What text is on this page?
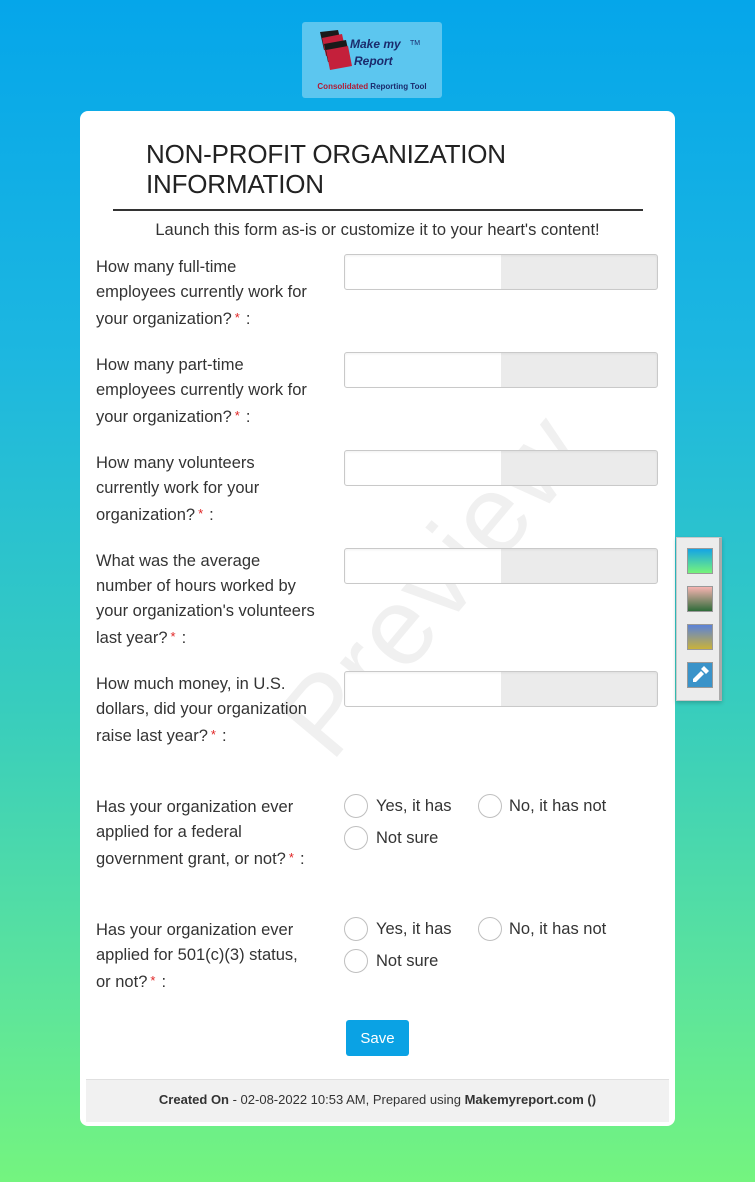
Make my TM
Report
Consolidated Reporting Tool
NON-PROFIT ORGANIZATION INFORMATION
Launch this form as-is or customize it to your heart's content!
Preview
How many full-time employees currently work for your organization? * :
How many part-time employees currently work for your organization? * :
How many volunteers currently work for your organization? * :
What was the average number of hours worked by your organization's volunteers last year? * :
How much money, in U.S. dollars, did your organization raise last year? * :
Has your organization ever applied for a federal government grant, or not? * :
Yes, it has	No, it has not
Not sure
Has your organization ever applied for 501(c)(3) status, or not? * :
Yes, it has	No, it has not
Not sure
Save
Created On - 02-08-2022 10:53 AM, Prepared using Makemyreport.com ()
